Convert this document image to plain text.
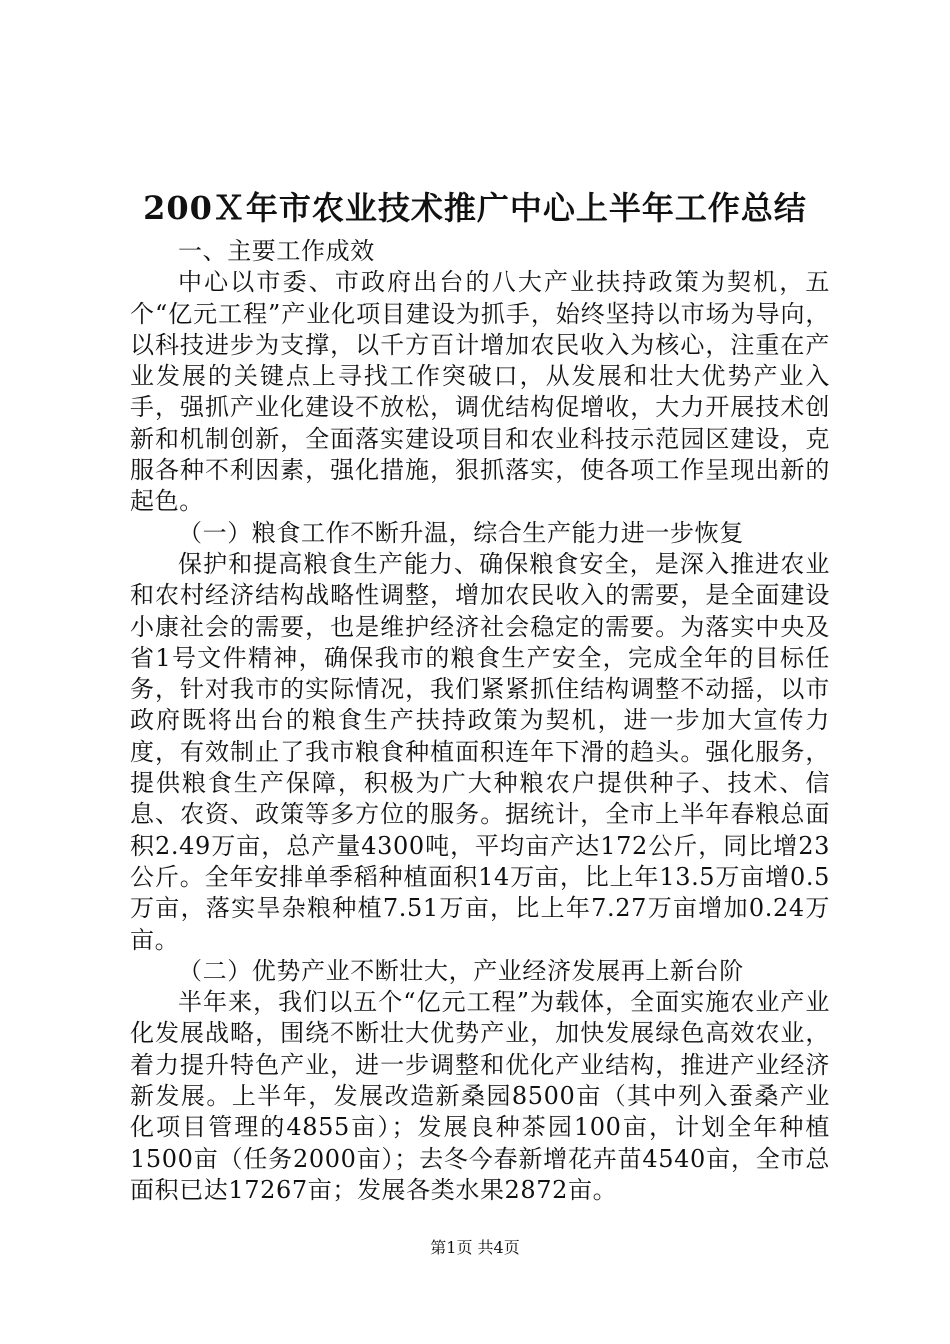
200Ｘ年市农业技术推广中心上半年工作总结

一、主要工作成效

中心以市委、市政府出台的八大产业扶持政策为契机，五个“亿元工程”产业化项目建设为抓手，始终坚持以市场为导向，以科技进步为支撑，以千方百计增加农民收入为核心，注重在产业发展的关键点上寻找工作突破口，从发展和壮大优势产业入手，强抓产业化建设不放松，调优结构促增收，大力开展技术创新和机制创新，全面落实建设项目和农业科技示范园区建设，克服各种不利因素，强化措施，狠抓落实，使各项工作呈现出新的起色。

（一）粮食工作不断升温，综合生产能力进一步恢复

保护和提高粮食生产能力、确保粮食安全，是深入推进农业和农村经济结构战略性调整，增加农民收入的需要，是全面建设小康社会的需要，也是维护经济社会稳定的需要。为落实中央及省1号文件精神，确保我市的粮食生产安全，完成全年的目标任务，针对我市的实际情况，我们紧紧抓住结构调整不动摇，以市政府既将出台的粮食生产扶持政策为契机，进一步加大宣传力度，有效制止了我市粮食种植面积连年下滑的趋头。强化服务，提供粮食生产保障，积极为广大种粮农户提供种子、技术、信息、农资、政策等多方位的服务。据统计，全市上半年春粮总面积2.49万亩，总产量4300吨，平均亩产达172公斤，同比增23公斤。全年安排单季稻种植面积14万亩，比上年13.5万亩增0.5万亩，落实旱杂粮种植7.51万亩，比上年7.27万亩增加0.24万亩。

（二）优势产业不断壮大，产业经济发展再上新台阶

半年来，我们以五个“亿元工程”为载体，全面实施农业产业化发展战略，围绕不断壮大优势产业，加快发展绿色高效农业，着力提升特色产业，进一步调整和优化产业结构，推进产业经济新发展。上半年，发展改造新桑园8500亩（其中列入蚕桑产业化项目管理的4855亩）；发展良种茶园100亩，计划全年种植1500亩（任务2000亩）；去冬今春新增花卉苗4540亩，全市总面积已达17267亩；发展各类水果2872亩。

第1页 共4页
